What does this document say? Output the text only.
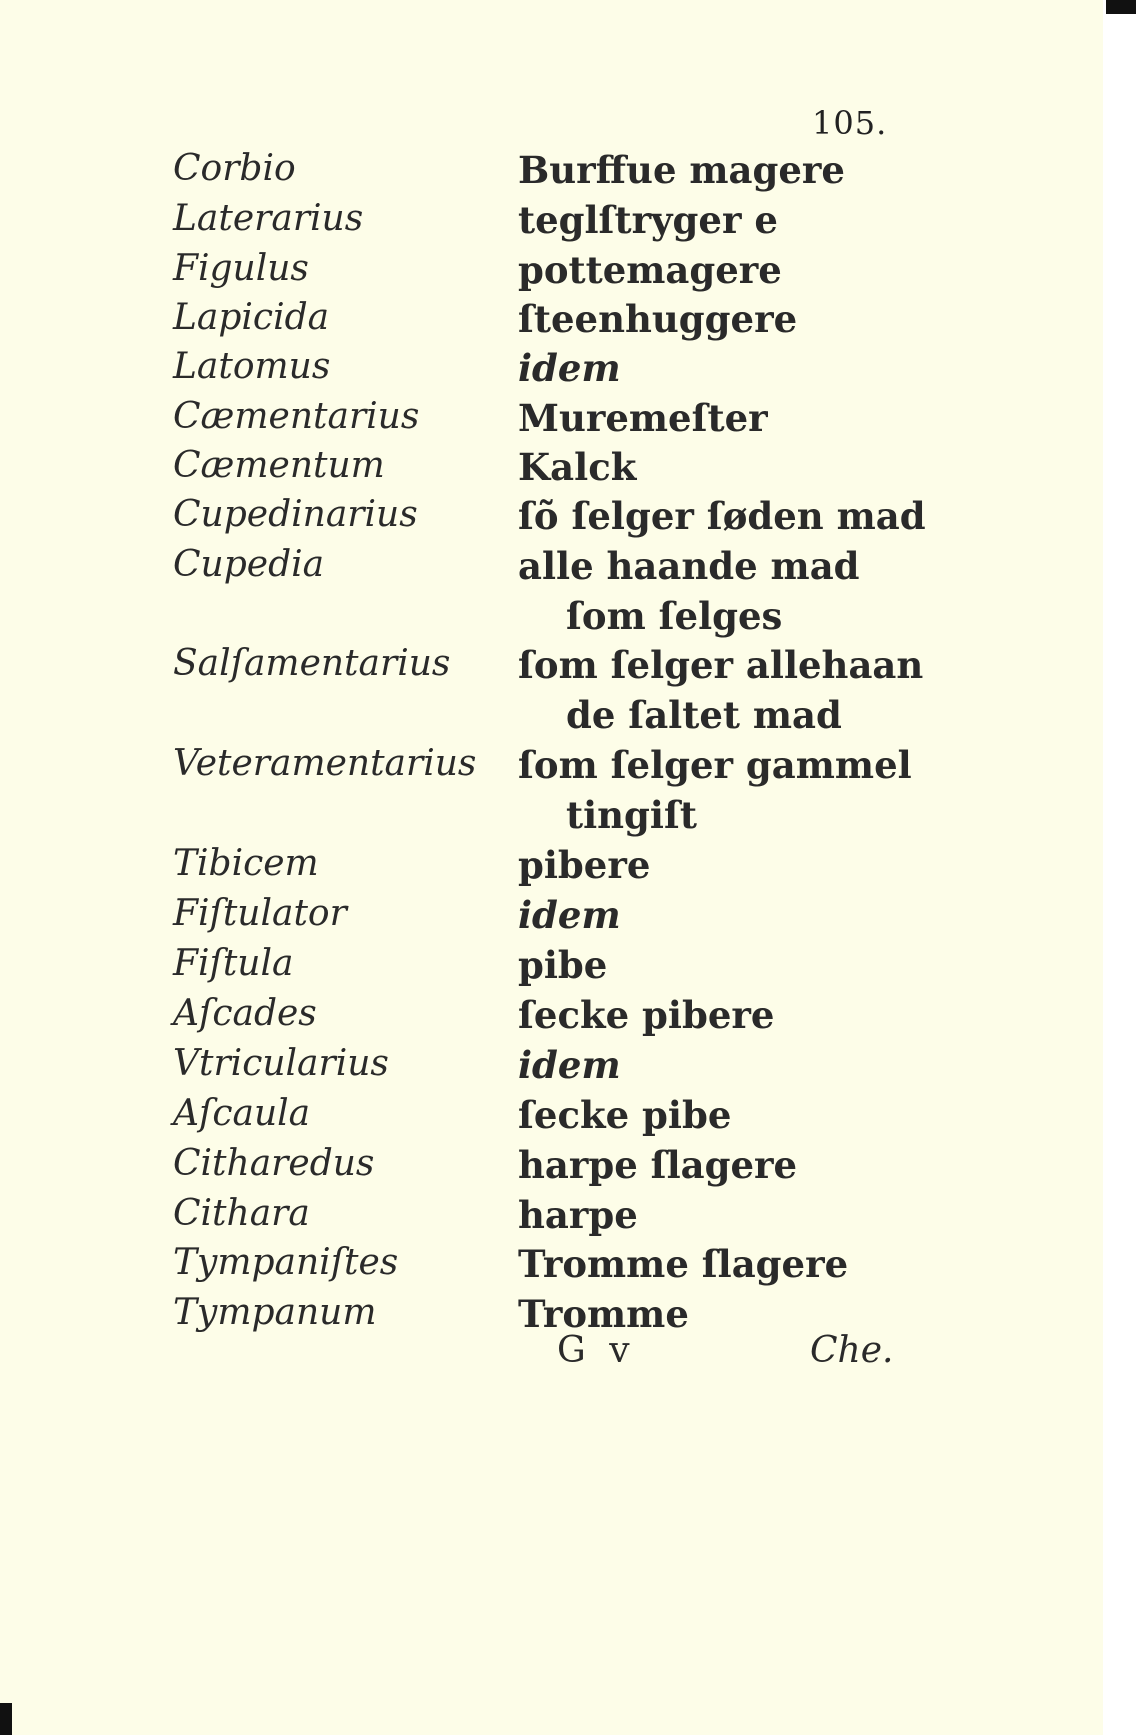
105.
Corbio	Burffue magere
Laterarius	teglſtryger e
Figulus	pottemagere
Lapicida	ſteenhuggere
Latomus	idem
Cæmentarius	Muremeſter
Cæmentum	Kalck
Cupedinarius	ſõ ſelger ſøden mad
Cupedia	alle haande mad
ſom ſelges
Salſamentarius ſom ſelger allehaan
de ſaltet mad
Veteramentarius ſom ſelger gammel
tingiſt
Tibicem	pibere
Fiſtulator	idem
Fiſtula	pibe
Aſcades	ſecke pibere
Vtricularius	idem
Aſcaula	ſecke pibe
Citharedus	harpe ſlagere
Cithara	harpe
Tympaniſtes	Tromme ſlagere
Tympanum	Tromme
G v	Che.
